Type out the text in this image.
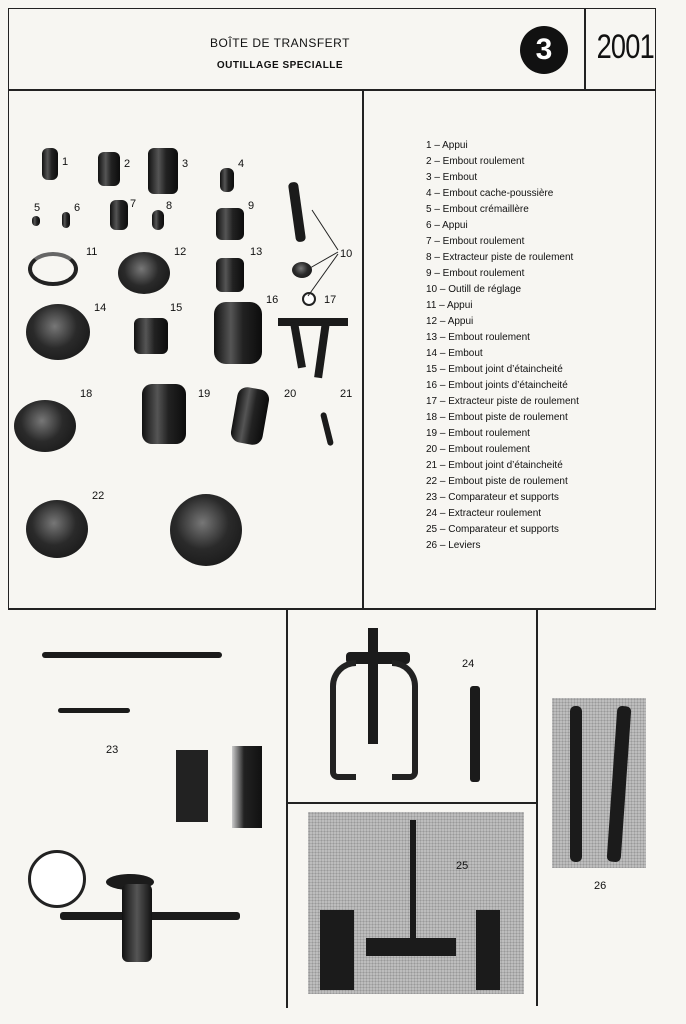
BOÎTE DE TRANSFERT
OUTILLAGE SPECIALLE	3	2001
1	2	3	4
5	6	7	8	9
10
11	12	13
14	15
16	17
18	19	20	21
22
1 – Appui
2 – Embout roulement
3 – Embout
4 – Embout cache-poussière
5 – Embout crémaillère
6 – Appui
7 – Embout roulement
8 – Extracteur piste de roulement
9 – Embout roulement
10 – Outill de réglage
11 – Appui
12 – Appui
13 – Embout roulement
14 – Embout
15 – Embout joint d’étaincheité
16 – Embout joints d’étaincheité
17 – Extracteur piste de roulement
18 – Embout piste de roulement
19 – Embout roulement
20 – Embout roulement
21 – Embout joint d’étaincheité
22 – Embout piste de roulement
23 – Comparateur et supports
24 – Extracteur roulement
25 – Comparateur et supports
26 – Leviers
23
24
25
26
